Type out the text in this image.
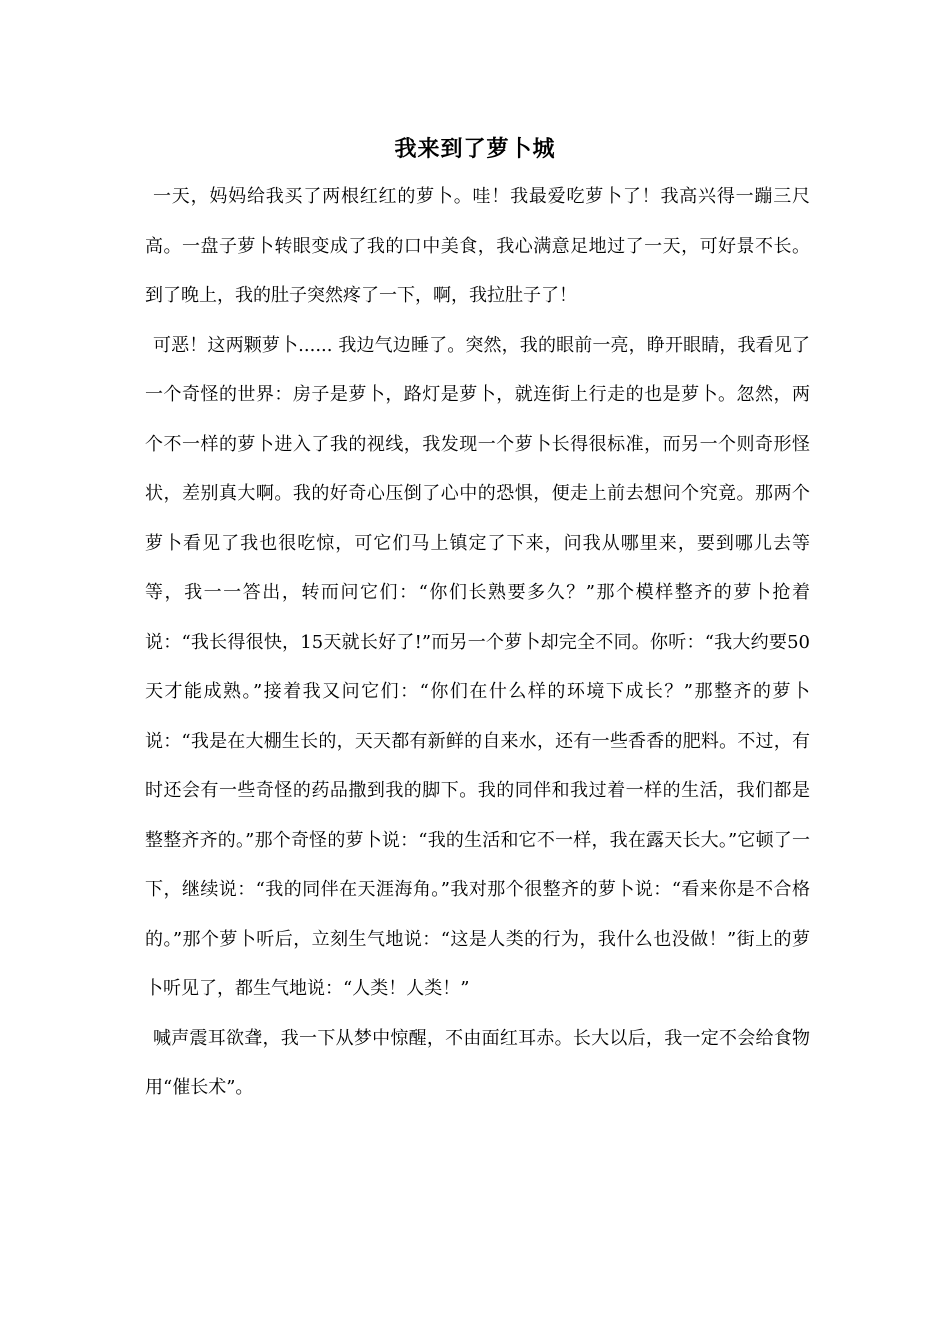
我来到了萝卜城

一天，妈妈给我买了两根红红的萝卜。哇！我最爱吃萝卜了！我高兴得一蹦三尺高。一盘子萝卜转眼变成了我的口中美食，我心满意足地过了一天，可好景不长。到了晚上，我的肚子突然疼了一下，啊，我拉肚子了！

可恶！这两颗萝卜...... 我边气边睡了。突然，我的眼前一亮，睁开眼睛，我看见了一个奇怪的世界：房子是萝卜，路灯是萝卜，就连街上行走的也是萝卜。忽然，两个不一样的萝卜进入了我的视线，我发现一个萝卜长得很标准，而另一个则奇形怪状，差别真大啊。我的好奇心压倒了心中的恐惧，便走上前去想问个究竟。那两个萝卜看见了我也很吃惊，可它们马上镇定了下来，问我从哪里来，要到哪儿去等等，我一一答出，转而问它们：“你们长熟要多久？”那个模样整齐的萝卜抢着说：“我长得很快，15天就长好了!”而另一个萝卜却完全不同。你听：“我大约要50天才能成熟。”接着我又问它们：“你们在什么样的环境下成长？”那整齐的萝卜说：“我是在大棚生长的，天天都有新鲜的自来水，还有一些香香的肥料。不过，有时还会有一些奇怪的药品撒到我的脚下。我的同伴和我过着一样的生活，我们都是整整齐齐的。”那个奇怪的萝卜说：“我的生活和它不一样，我在露天长大。”它顿了一下，继续说：“我的同伴在天涯海角。”我对那个很整齐的萝卜说：“看来你是不合格的。”那个萝卜听后，立刻生气地说：“这是人类的行为，我什么也没做！”街上的萝卜听见了，都生气地说：“人类！人类！”

喊声震耳欲聋，我一下从梦中惊醒，不由面红耳赤。长大以后，我一定不会给食物用“催长术”。
